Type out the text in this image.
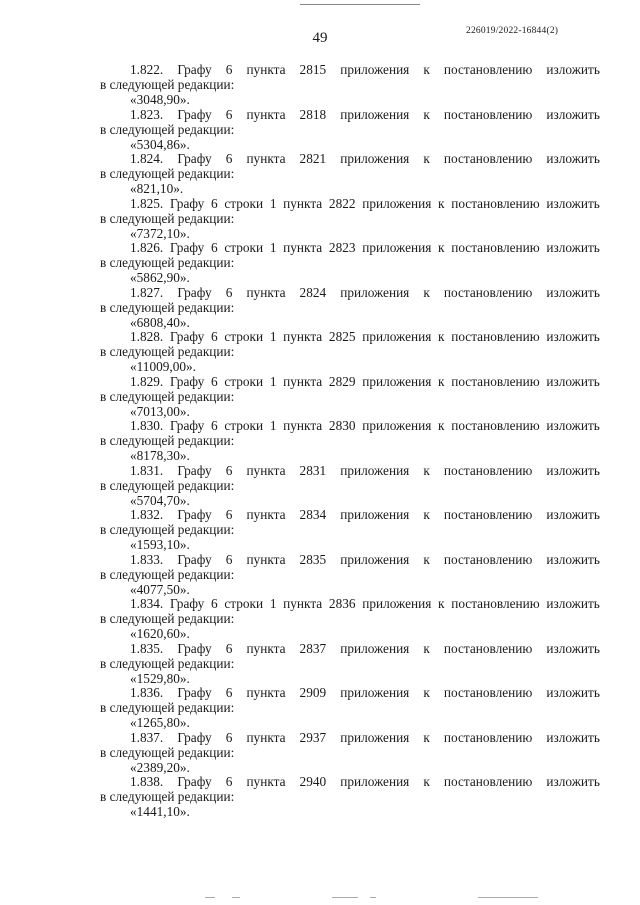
49	226019/2022-16844(2)
1.822. Графу 6 пункта 2815 приложения к постановлению изложить
в следующей редакции:
«3048,90».
1.823. Графу 6 пункта 2818 приложения к постановлению изложить
в следующей редакции:
«5304,86».
1.824. Графу 6 пункта 2821 приложения к постановлению изложить
в следующей редакции:
«821,10».
1.825. Графу 6 строки 1 пункта 2822 приложения к постановлению изложить
в следующей редакции:
«7372,10».
1.826. Графу 6 строки 1 пункта 2823 приложения к постановлению изложить
в следующей редакции:
«5862,90».
1.827. Графу 6 пункта 2824 приложения к постановлению изложить
в следующей редакции:
«6808,40».
1.828. Графу 6 строки 1 пункта 2825 приложения к постановлению изложить
в следующей редакции:
«11009,00».
1.829. Графу 6 строки 1 пункта 2829 приложения к постановлению изложить
в следующей редакции:
«7013,00».
1.830. Графу 6 строки 1 пункта 2830 приложения к постановлению изложить
в следующей редакции:
«8178,30».
1.831. Графу 6 пункта 2831 приложения к постановлению изложить
в следующей редакции:
«5704,70».
1.832. Графу 6 пункта 2834 приложения к постановлению изложить
в следующей редакции:
«1593,10».
1.833. Графу 6 пункта 2835 приложения к постановлению изложить
в следующей редакции:
«4077,50».
1.834. Графу 6 строки 1 пункта 2836 приложения к постановлению изложить
в следующей редакции:
«1620,60».
1.835. Графу 6 пункта 2837 приложения к постановлению изложить
в следующей редакции:
«1529,80».
1.836. Графу 6 пункта 2909 приложения к постановлению изложить
в следующей редакции:
«1265,80».
1.837. Графу 6 пункта 2937 приложения к постановлению изложить
в следующей редакции:
«2389,20».
1.838. Графу 6 пункта 2940 приложения к постановлению изложить
в следующей редакции:
«1441,10».
